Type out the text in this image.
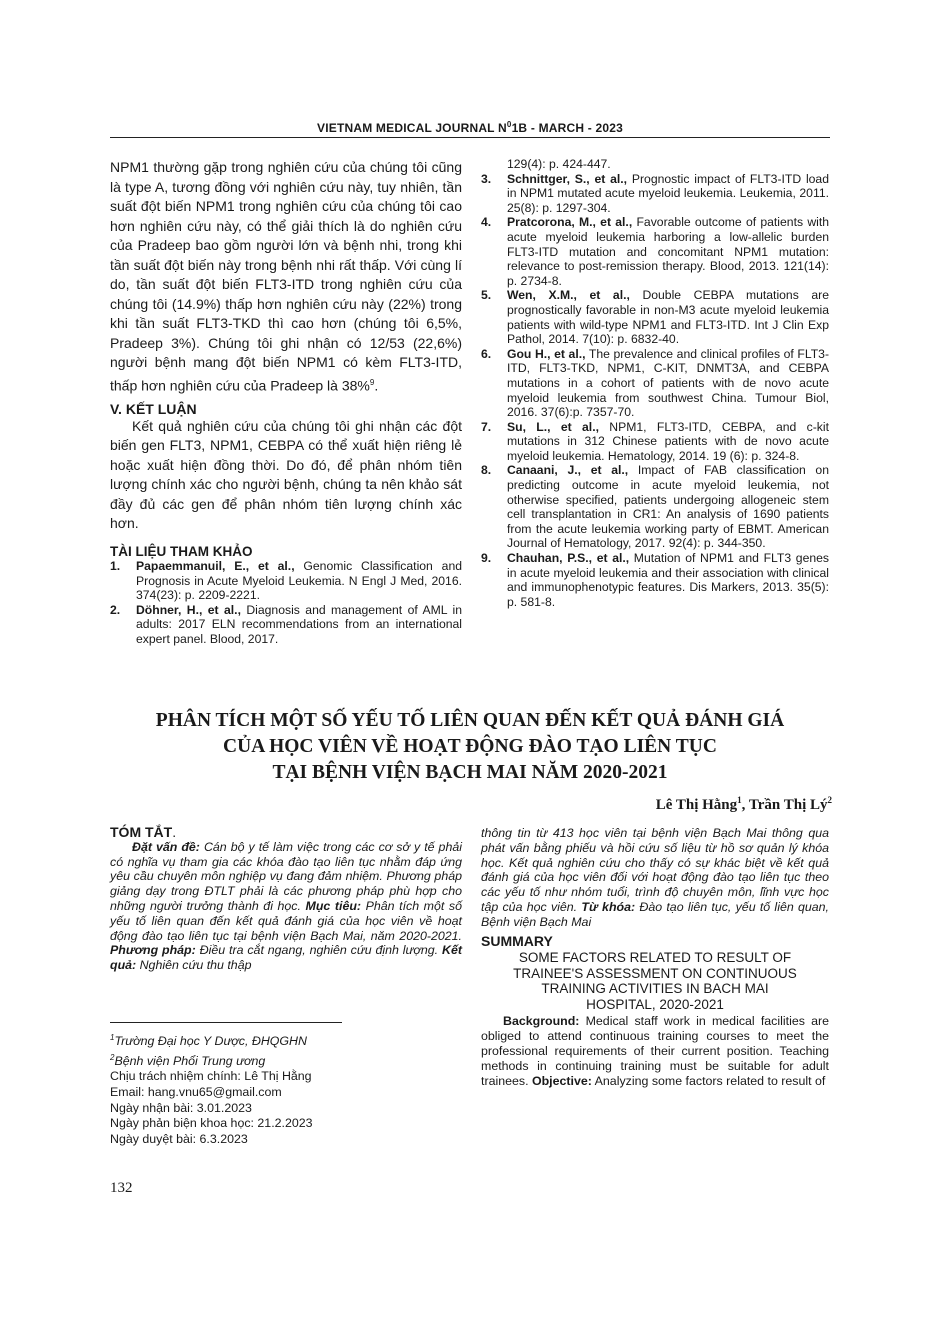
VIETNAM MEDICAL JOURNAL $N^01B$ - MARCH - 2023

NPM1 thường gặp trong nghiên cứu của chúng tôi cũng là type A, tương đồng với nghiên cứu này, tuy nhiên, tần suất đột biến NPM1 trong nghiên cứu của chúng tôi cao hơn nghiên cứu này, có thể giải thích là do nghiên cứu của Pradeep bao gồm người lớn và bệnh nhi, trong khi tần suất đột biến này trong bệnh nhi rất thấp. Với cùng lí do, tần suất đột biến FLT3-ITD trong nghiên cứu của chúng tôi (14.9%) thấp hơn nghiên cứu này (22%) trong khi tần suất FLT3-TKD thì cao hơn (chúng tôi 6,5%, Pradeep 3%). Chúng tôi ghi nhận có 12/53 (22,6%) người bệnh mang đột biến NPM1 có kèm FLT3-ITD, thấp hơn nghiên cứu của Pradeep là 38%$^9$.

V. KẾT LUẬN

Kết quả nghiên cứu của chúng tôi ghi nhận các đột biến gen FLT3, NPM1, CEBPA có thể xuất hiện riêng lẻ hoặc xuất hiện đồng thời. Do đó, để phân nhóm tiên lượng chính xác cho người bệnh, chúng ta nên khảo sát đầy đủ các gen để phân nhóm tiên lượng chính xác hơn.

TÀI LIỆU THAM KHẢO

1.	Papaemmanuil, E., et al., Genomic Classification and Prognosis in Acute Myeloid Leukemia. N Engl J Med, 2016. 374(23): p. 2209-2221.
2.	Döhner, H., et al., Diagnosis and management of AML in adults: 2017 ELN recommendations from an international expert panel. Blood, 2017.
129(4): p. 424-447.
3.	Schnittger, S., et al., Prognostic impact of FLT3-ITD load in NPM1 mutated acute myeloid leukemia. Leukemia, 2011. 25(8): p. 1297-304.
4.	Pratcorona, M., et al., Favorable outcome of patients with acute myeloid leukemia harboring a low-allelic burden FLT3-ITD mutation and concomitant NPM1 mutation: relevance to post-remission therapy. Blood, 2013. 121(14): p. 2734-8.
5.	Wen, X.M., et al., Double CEBPA mutations are prognostically favorable in non-M3 acute myeloid leukemia patients with wild-type NPM1 and FLT3-ITD. Int J Clin Exp Pathol, 2014. 7(10): p. 6832-40.
6.	Gou H., et al., The prevalence and clinical profiles of FLT3-ITD, FLT3-TKD, NPM1, C-KIT, DNMT3A, and CEBPA mutations in a cohort of patients with de novo acute myeloid leukemia from southwest China. Tumour Biol, 2016. 37(6):p. 7357-70.
7.	Su, L., et al., NPM1, FLT3-ITD, CEBPA, and c-kit mutations in 312 Chinese patients with de novo acute myeloid leukemia. Hematology, 2014. 19 (6): p. 324-8.
8.	Canaani, J., et al., Impact of FAB classification on predicting outcome in acute myeloid leukemia, not otherwise specified, patients undergoing allogeneic stem cell transplantation in CR1: An analysis of 1690 patients from the acute leukemia working party of EBMT. American Journal of Hematology, 2017. 92(4): p. 344-350.
9.	Chauhan, P.S., et al., Mutation of NPM1 and FLT3 genes in acute myeloid leukemia and their association with clinical and immunophenotypic features. Dis Markers, 2013. 35(5): p. 581-8.
PHÂN TÍCH MỘT SỐ YẾU TỐ LIÊN QUAN ĐẾN KẾT QUẢ ĐÁNH GIÁ
CỦA HỌC VIÊN VỀ HOẠT ĐỘNG ĐÀO TẠO LIÊN TỤC
TẠI BỆNH VIỆN BẠCH MAI NĂM 2020-2021
Lê Thị Hằng$^1$, Trần Thị $Lý^2$

TÓM TẮT.

Đặt vấn đề: Cán bộ y tế làm việc trong các cơ sở y tế phải có nghĩa vụ tham gia các khóa đào tạo liên tục nhằm đáp ứng yêu cầu chuyên môn nghiệp vụ đang đảm nhiệm. Phương pháp giảng dạy trong ĐTLT phải là các phương pháp phù hợp cho những người trưởng thành đi học. Mục tiêu: Phân tích một số yếu tố liên quan đến kết quả đánh giá của học viên về hoạt động đào tạo liên tục tại bệnh viện Bạch Mai, năm 2020-2021. Phương pháp: Điều tra cắt ngang, nghiên cứu định lượng. Kết quả: Nghiên cứu thu thập

$^1$Trường Đại học Y Dược, ĐHQGHN
$^2$Bệnh viện Phổi Trung ương
Chịu trách nhiệm chính: Lê Thị Hằng
Email: hang.vnu65@gmail.com
Ngày nhận bài: 3.01.2023
Ngày phản biện khoa học: 21.2.2023
Ngày duyệt bài: 6.3.2023

thông tin từ 413 học viên tại bệnh viện Bạch Mai thông qua phát vấn bằng phiếu và hồi cứu số liệu từ hồ sơ quản lý khóa học. Kết quả nghiên cứu cho thấy có sự khác biệt về kết quả đánh giá của học viên đối với hoạt động đào tạo liên tục theo các yếu tố như nhóm tuổi, trình độ chuyên môn, lĩnh vực học tập của học viên. Từ khóa: Đào tạo liên tục, yếu tố liên quan, Bệnh viện Bạch Mai

SUMMARY

SOME FACTORS RELATED TO RESULT OF
TRAINEE'S ASSESSMENT ON CONTINUOUS
TRAINING ACTIVITIES IN BACH MAI
HOSPITAL, 2020-2021

Background: Medical staff work in medical facilities are obliged to attend continuous training courses to meet the professional requirements of their current position. Teaching methods in continuing training must be suitable for adult trainees. Objective: Analyzing some factors related to result of

132
